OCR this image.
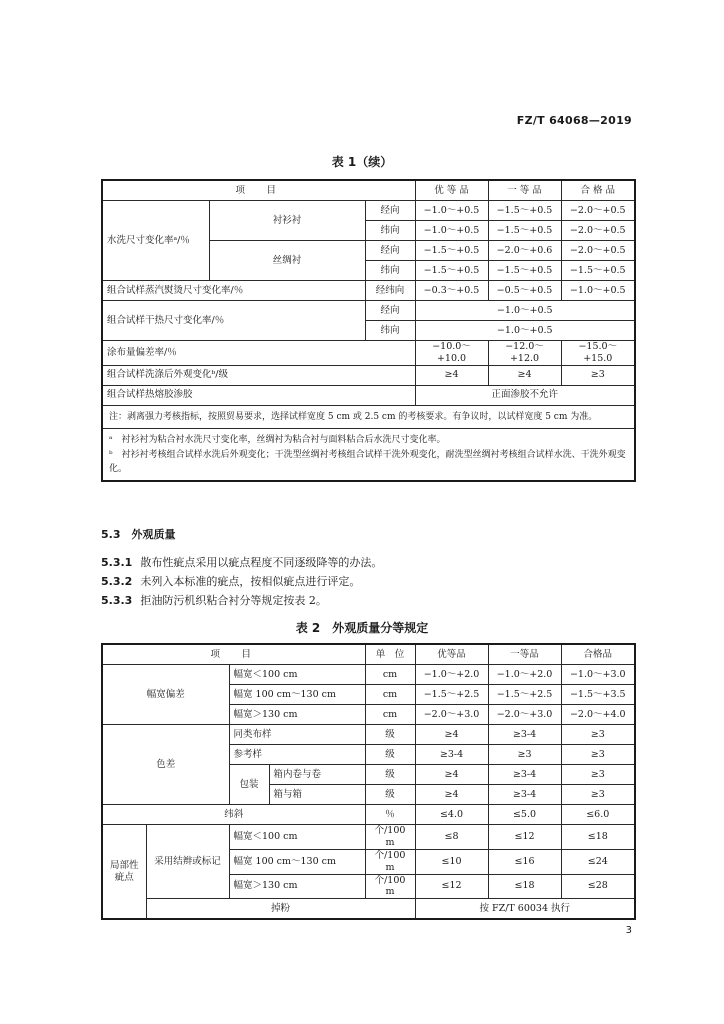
FZ/T 64068—2019
表 1（续）
项　目			优 等 品	一 等 品	合 格 品
水洗尺寸变化率ᵃ/％	衬衫衬	经向	−1.0～+0.5	−1.5～+0.5	−2.0～+0.5
		纬向	−1.0～+0.5	−1.5～+0.5	−2.0～+0.5
	丝绸衬	经向	−1.5～+0.5	−2.0～+0.6	−2.0～+0.5
		纬向	−1.5～+0.5	−1.5～+0.5	−1.5～+0.5
组合试样蒸汽熨烫尺寸变化率/％		经纬向	−0.3～+0.5	−0.5～+0.5	−1.0～+0.5
组合试样干热尺寸变化率/％		经向	−1.0～+0.5		
		纬向	−1.0～+0.5		
涂布量偏差率/％			−10.0～+10.0	−12.0～+12.0	−15.0～+15.0
组合试样洗涤后外观变化ᵇ/级			≥4	≥4	≥3
组合试样热熔胶渗胶			正面渗胶不允许		
注：剥离强力考核指标，按照贸易要求，选择试样宽度 5 cm 或 2.5 cm 的考核要求。有争议时，以试样宽度 5 cm 为准。					

ᵃ　衬衫衬为粘合衬水洗尺寸变化率，丝绸衬为粘合衬与面料粘合后水洗尺寸变化率。
ᵇ　衬衫衬考核组合试样水洗后外观变化；干洗型丝绸衬考核组合试样干洗外观变化，耐洗型丝绸衬考核组合试样水洗、干洗外观变化。					
5.3　外观质量
5.3.1 散布性疵点采用以疵点程度不同逐级降等的办法。
5.3.2 未列入本标准的疵点，按相似疵点进行评定。
5.3.3 拒油防污机织粘合衬分等规定按表 2。
表 2　外观质量分等规定
项　目				单　位	优等品	一等品	合格品
幅宽偏差		幅宽＜100 cm		cm	−1.0～+2.0	−1.0～+2.0	−1.0～+3.0
		幅宽 100 cm～130 cm		cm	−1.5～+2.5	−1.5～+2.5	−1.5～+3.5
		幅宽＞130 cm		cm	−2.0～+3.0	−2.0～+3.0	−2.0～+4.0
色差		同类布样		级	≥4	≥3-4	≥3
		参考样		级	≥3-4	≥3	≥3
		包装	箱内卷与卷	级	≥4	≥3-4	≥3
			箱与箱	级	≥4	≥3-4	≥3
纬斜				％	≤4.0	≤5.0	≤6.0
局部性疵点	采用结辫或标记	幅宽＜100 cm		个/100 m	≤8	≤12	≤18
		幅宽 100 cm～130 cm		个/100 m	≤10	≤16	≤24
		幅宽＞130 cm		个/100 m	≤12	≤18	≤28
	掉粉				按 FZ/T 60034 执行		
3
